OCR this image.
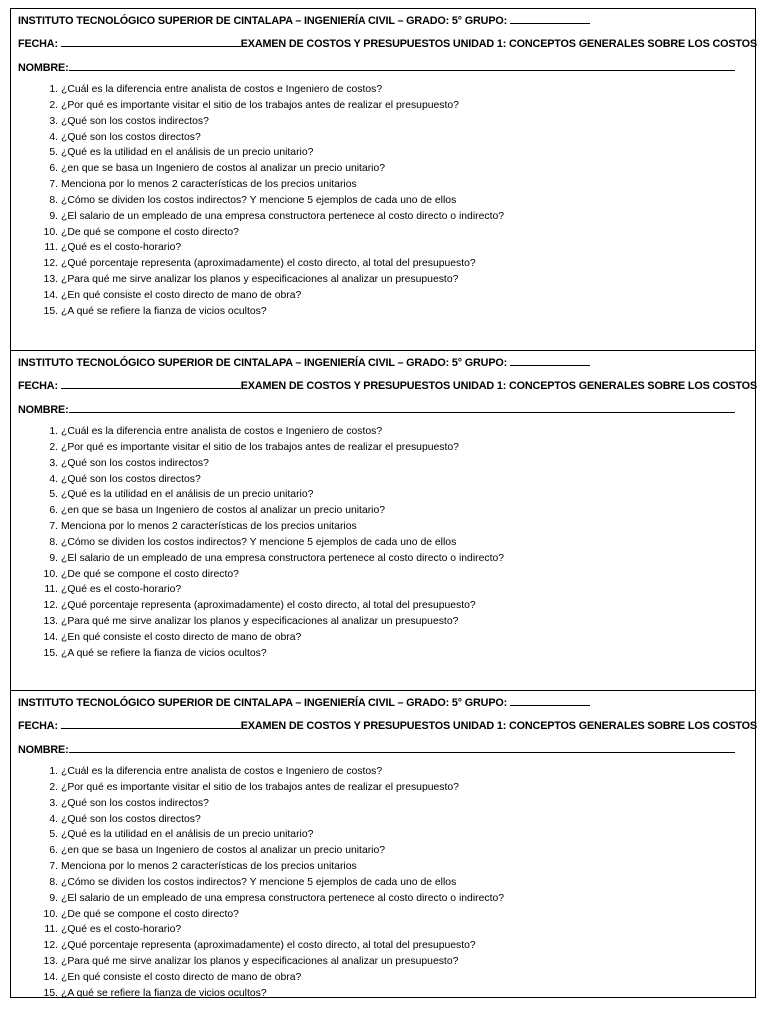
INSTITUTO TECNOLÓGICO SUPERIOR DE CINTALAPA – INGENIERÍA CIVIL – GRADO: 5° GRUPO:
FECHA:	EXAMEN DE COSTOS Y PRESUPUESTOS UNIDAD 1: CONCEPTOS GENERALES SOBRE LOS COSTOS
NOMBRE:
1. ¿Cuál es la diferencia entre analista de costos e Ingeniero de costos?
2. ¿Por qué es importante visitar el sitio de los trabajos antes de realizar el presupuesto?
3. ¿Qué son los costos indirectos?
4. ¿Qué son los costos directos?
5. ¿Qué es la utilidad en el análisis de un precio unitario?
6. ¿en que se basa un Ingeniero de costos al analizar un precio unitario?
7. Menciona por lo menos 2 características de los precios unitarios
8. ¿Cómo se dividen los costos indirectos? Y mencione 5 ejemplos de cada uno de ellos
9. ¿El salario de un empleado de una empresa constructora pertenece al costo directo o indirecto?
10. ¿De qué se compone el costo directo?
11. ¿Qué es el costo-horario?
12. ¿Qué porcentaje representa (aproximadamente) el costo directo, al total del presupuesto?
13. ¿Para qué me sirve analizar los planos y especificaciones al analizar un presupuesto?
14. ¿En qué consiste el costo directo de mano de obra?
15. ¿A qué se refiere la fianza de vicios ocultos?
INSTITUTO TECNOLÓGICO SUPERIOR DE CINTALAPA – INGENIERÍA CIVIL – GRADO: 5° GRUPO:
FECHA:	EXAMEN DE COSTOS Y PRESUPUESTOS UNIDAD 1: CONCEPTOS GENERALES SOBRE LOS COSTOS
NOMBRE:
1. ¿Cuál es la diferencia entre analista de costos e Ingeniero de costos?
2. ¿Por qué es importante visitar el sitio de los trabajos antes de realizar el presupuesto?
3. ¿Qué son los costos indirectos?
4. ¿Qué son los costos directos?
5. ¿Qué es la utilidad en el análisis de un precio unitario?
6. ¿en que se basa un Ingeniero de costos al analizar un precio unitario?
7. Menciona por lo menos 2 características de los precios unitarios
8. ¿Cómo se dividen los costos indirectos? Y mencione 5 ejemplos de cada uno de ellos
9. ¿El salario de un empleado de una empresa constructora pertenece al costo directo o indirecto?
10. ¿De qué se compone el costo directo?
11. ¿Qué es el costo-horario?
12. ¿Qué porcentaje representa (aproximadamente) el costo directo, al total del presupuesto?
13. ¿Para qué me sirve analizar los planos y especificaciones al analizar un presupuesto?
14. ¿En qué consiste el costo directo de mano de obra?
15. ¿A qué se refiere la fianza de vicios ocultos?
INSTITUTO TECNOLÓGICO SUPERIOR DE CINTALAPA – INGENIERÍA CIVIL – GRADO: 5° GRUPO:
FECHA:	EXAMEN DE COSTOS Y PRESUPUESTOS UNIDAD 1: CONCEPTOS GENERALES SOBRE LOS COSTOS
NOMBRE:
1. ¿Cuál es la diferencia entre analista de costos e Ingeniero de costos?
2. ¿Por qué es importante visitar el sitio de los trabajos antes de realizar el presupuesto?
3. ¿Qué son los costos indirectos?
4. ¿Qué son los costos directos?
5. ¿Qué es la utilidad en el análisis de un precio unitario?
6. ¿en que se basa un Ingeniero de costos al analizar un precio unitario?
7. Menciona por lo menos 2 características de los precios unitarios
8. ¿Cómo se dividen los costos indirectos? Y mencione 5 ejemplos de cada uno de ellos
9. ¿El salario de un empleado de una empresa constructora pertenece al costo directo o indirecto?
10. ¿De qué se compone el costo directo?
11. ¿Qué es el costo-horario?
12. ¿Qué porcentaje representa (aproximadamente) el costo directo, al total del presupuesto?
13. ¿Para qué me sirve analizar los planos y especificaciones al analizar un presupuesto?
14. ¿En qué consiste el costo directo de mano de obra?
15. ¿A qué se refiere la fianza de vicios ocultos?
